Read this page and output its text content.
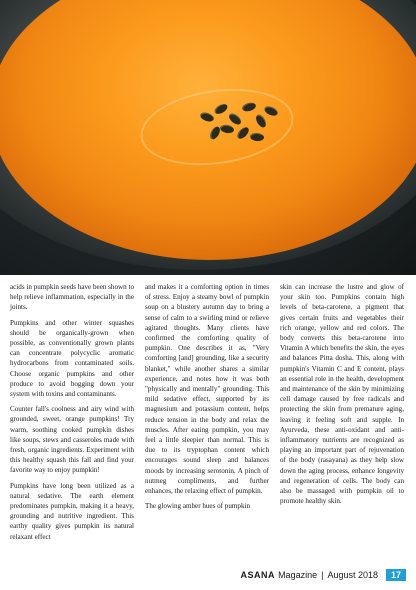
acids in pumpkin seeds have been shown to help relieve inflammation, especially in the joints.

Pumpkins and other winter squashes should be organically-grown when possible, as conventionally grown plants can concentrate polycyclic aromatic hydrocarbons from contaminated soils. Choose organic pumpkins and other produce to avoid bogging down your system with toxins and contaminants.

Counter fall's coolness and airy wind with grounded, sweet, orange pumpkins! Try warm, soothing cooked pumpkin dishes like soups, stews and casseroles made with fresh, organic ingredients. Experiment with this healthy squash this fall and find your favorite way to enjoy pumpkin!

Pumpkins have long been utilized as a natural sedative. The earth element predominates pumpkin, making it a heavy, grounding and nutritive ingredient. This earthy quality gives pumpkin its natural relaxant effect

and makes it a comforting option in times of stress. Enjoy a steamy bowl of pumpkin soup on a blustery autumn day to bring a sense of calm to a swirling mind or relieve agitated thoughts. Many clients have confirmed the comforting quality of pumpkin. One describes it as, "Very comforting [and] grounding, like a security blanket," while another shares a similar experience, and notes how it was both "physically and mentally" grounding. This mild sedative effect, supported by its magnesium and potassium content, helps reduce tension in the body and relax the muscles. After eating pumpkin, you may feel a little sleepier than normal. This is due to its tryptophan content which encourages sound sleep and balances moods by increasing serotonin. A pinch of nutmeg compliments, and further enhances, the relaxing effect of pumpkin.

The glowing amber hues of pumpkin

skin can increase the lustre and glow of your skin too. Pumpkins contain high levels of beta-carotene, a pigment that gives certain fruits and vegetables their rich orange, yellow and red colors. The body converts this beta-carotene into Vitamin A which benefits the skin, the eyes and balances Pitta dosha. This, along with pumpkin's Vitamin C and E content, plays an essential role in the health, development and maintenance of the skin by minimizing cell damage caused by free radicals and protecting the skin from premature aging, leaving it feeling soft and supple. In Ayurveda, these anti-oxidant and anti-inflammatory nutrients are recognized as playing an important part of rejuvenation of the body (rasayana) as they help slow down the aging process, enhance longevity and regeneration of cells. The body can also be massaged with pumpkin oil to promote healthy skin.

ASANA Magazine | August 2018	17
